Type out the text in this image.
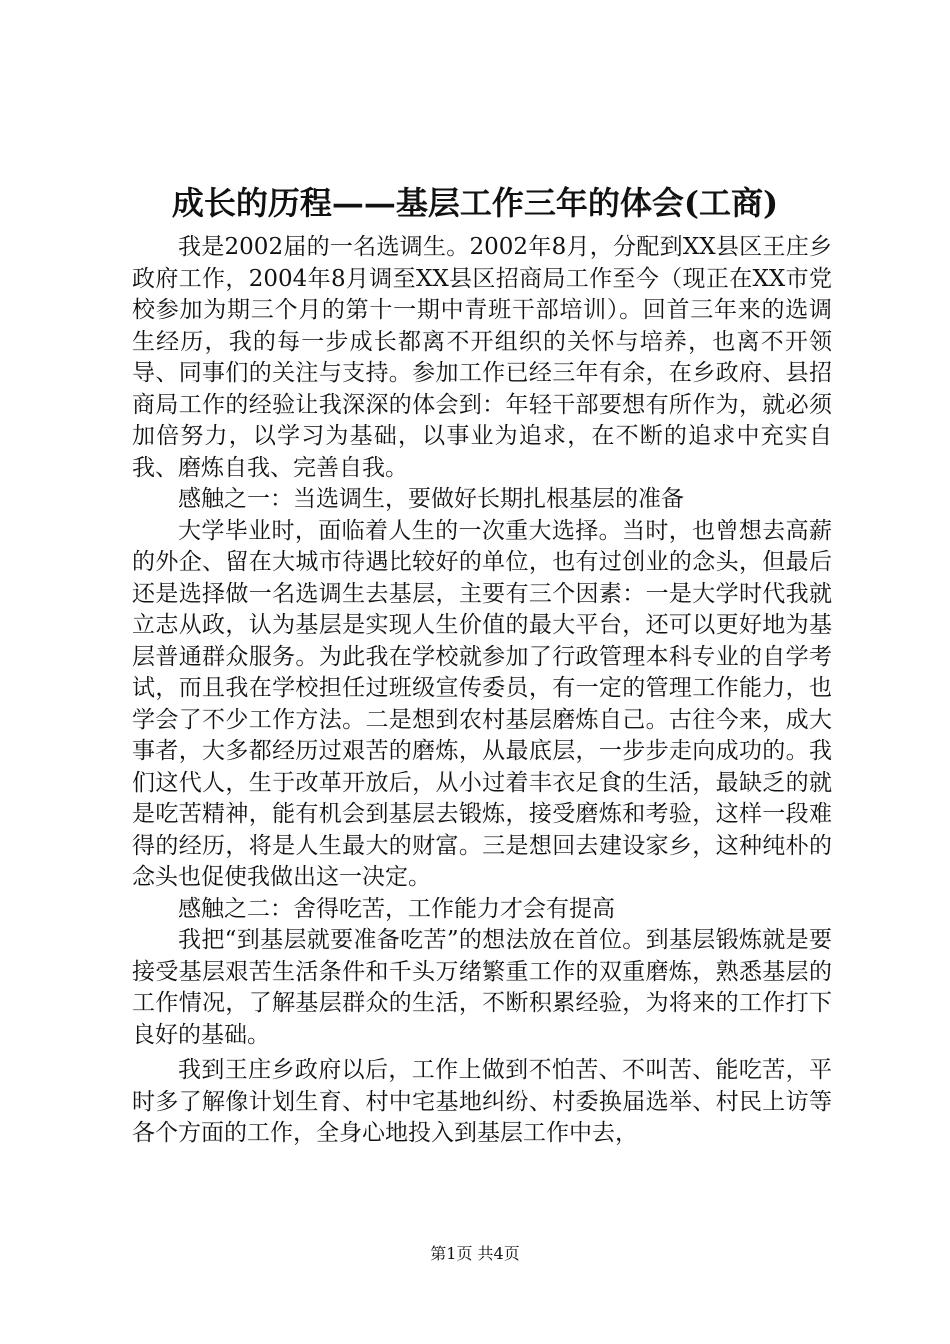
成长的历程——基层工作三年的体会(工商)

我是2002届的一名选调生。2002年8月，分配到XX县区王庄乡政府工作，2004年8月调至XX县区招商局工作至今（现正在XX市党校参加为期三个月的第十一期中青班干部培训）。回首三年来的选调生经历，我的每一步成长都离不开组织的关怀与培养，也离不开领导、同事们的关注与支持。参加工作已经三年有余，在乡政府、县招商局工作的经验让我深深的体会到：年轻干部要想有所作为，就必须加倍努力，以学习为基础，以事业为追求，在不断的追求中充实自我、磨炼自我、完善自我。

感触之一：当选调生，要做好长期扎根基层的准备

大学毕业时，面临着人生的一次重大选择。当时，也曾想去高薪的外企、留在大城市待遇比较好的单位，也有过创业的念头，但最后还是选择做一名选调生去基层，主要有三个因素：一是大学时代我就立志从政，认为基层是实现人生价值的最大平台，还可以更好地为基层普通群众服务。为此我在学校就参加了行政管理本科专业的自学考试，而且我在学校担任过班级宣传委员，有一定的管理工作能力，也学会了不少工作方法。二是想到农村基层磨炼自己。古往今来，成大事者，大多都经历过艰苦的磨炼，从最底层，一步步走向成功的。我们这代人，生于改革开放后，从小过着丰衣足食的生活，最缺乏的就是吃苦精神，能有机会到基层去锻炼，接受磨炼和考验，这样一段难得的经历，将是人生最大的财富。三是想回去建设家乡，这种纯朴的念头也促使我做出这一决定。

感触之二：舍得吃苦，工作能力才会有提高

我把“到基层就要准备吃苦”的想法放在首位。到基层锻炼就是要接受基层艰苦生活条件和千头万绪繁重工作的双重磨炼，熟悉基层的工作情况，了解基层群众的生活，不断积累经验，为将来的工作打下良好的基础。

我到王庄乡政府以后，工作上做到不怕苦、不叫苦、能吃苦，平时多了解像计划生育、村中宅基地纠纷、村委换届选举、村民上访等各个方面的工作，全身心地投入到基层工作中去，

第1页 共4页
